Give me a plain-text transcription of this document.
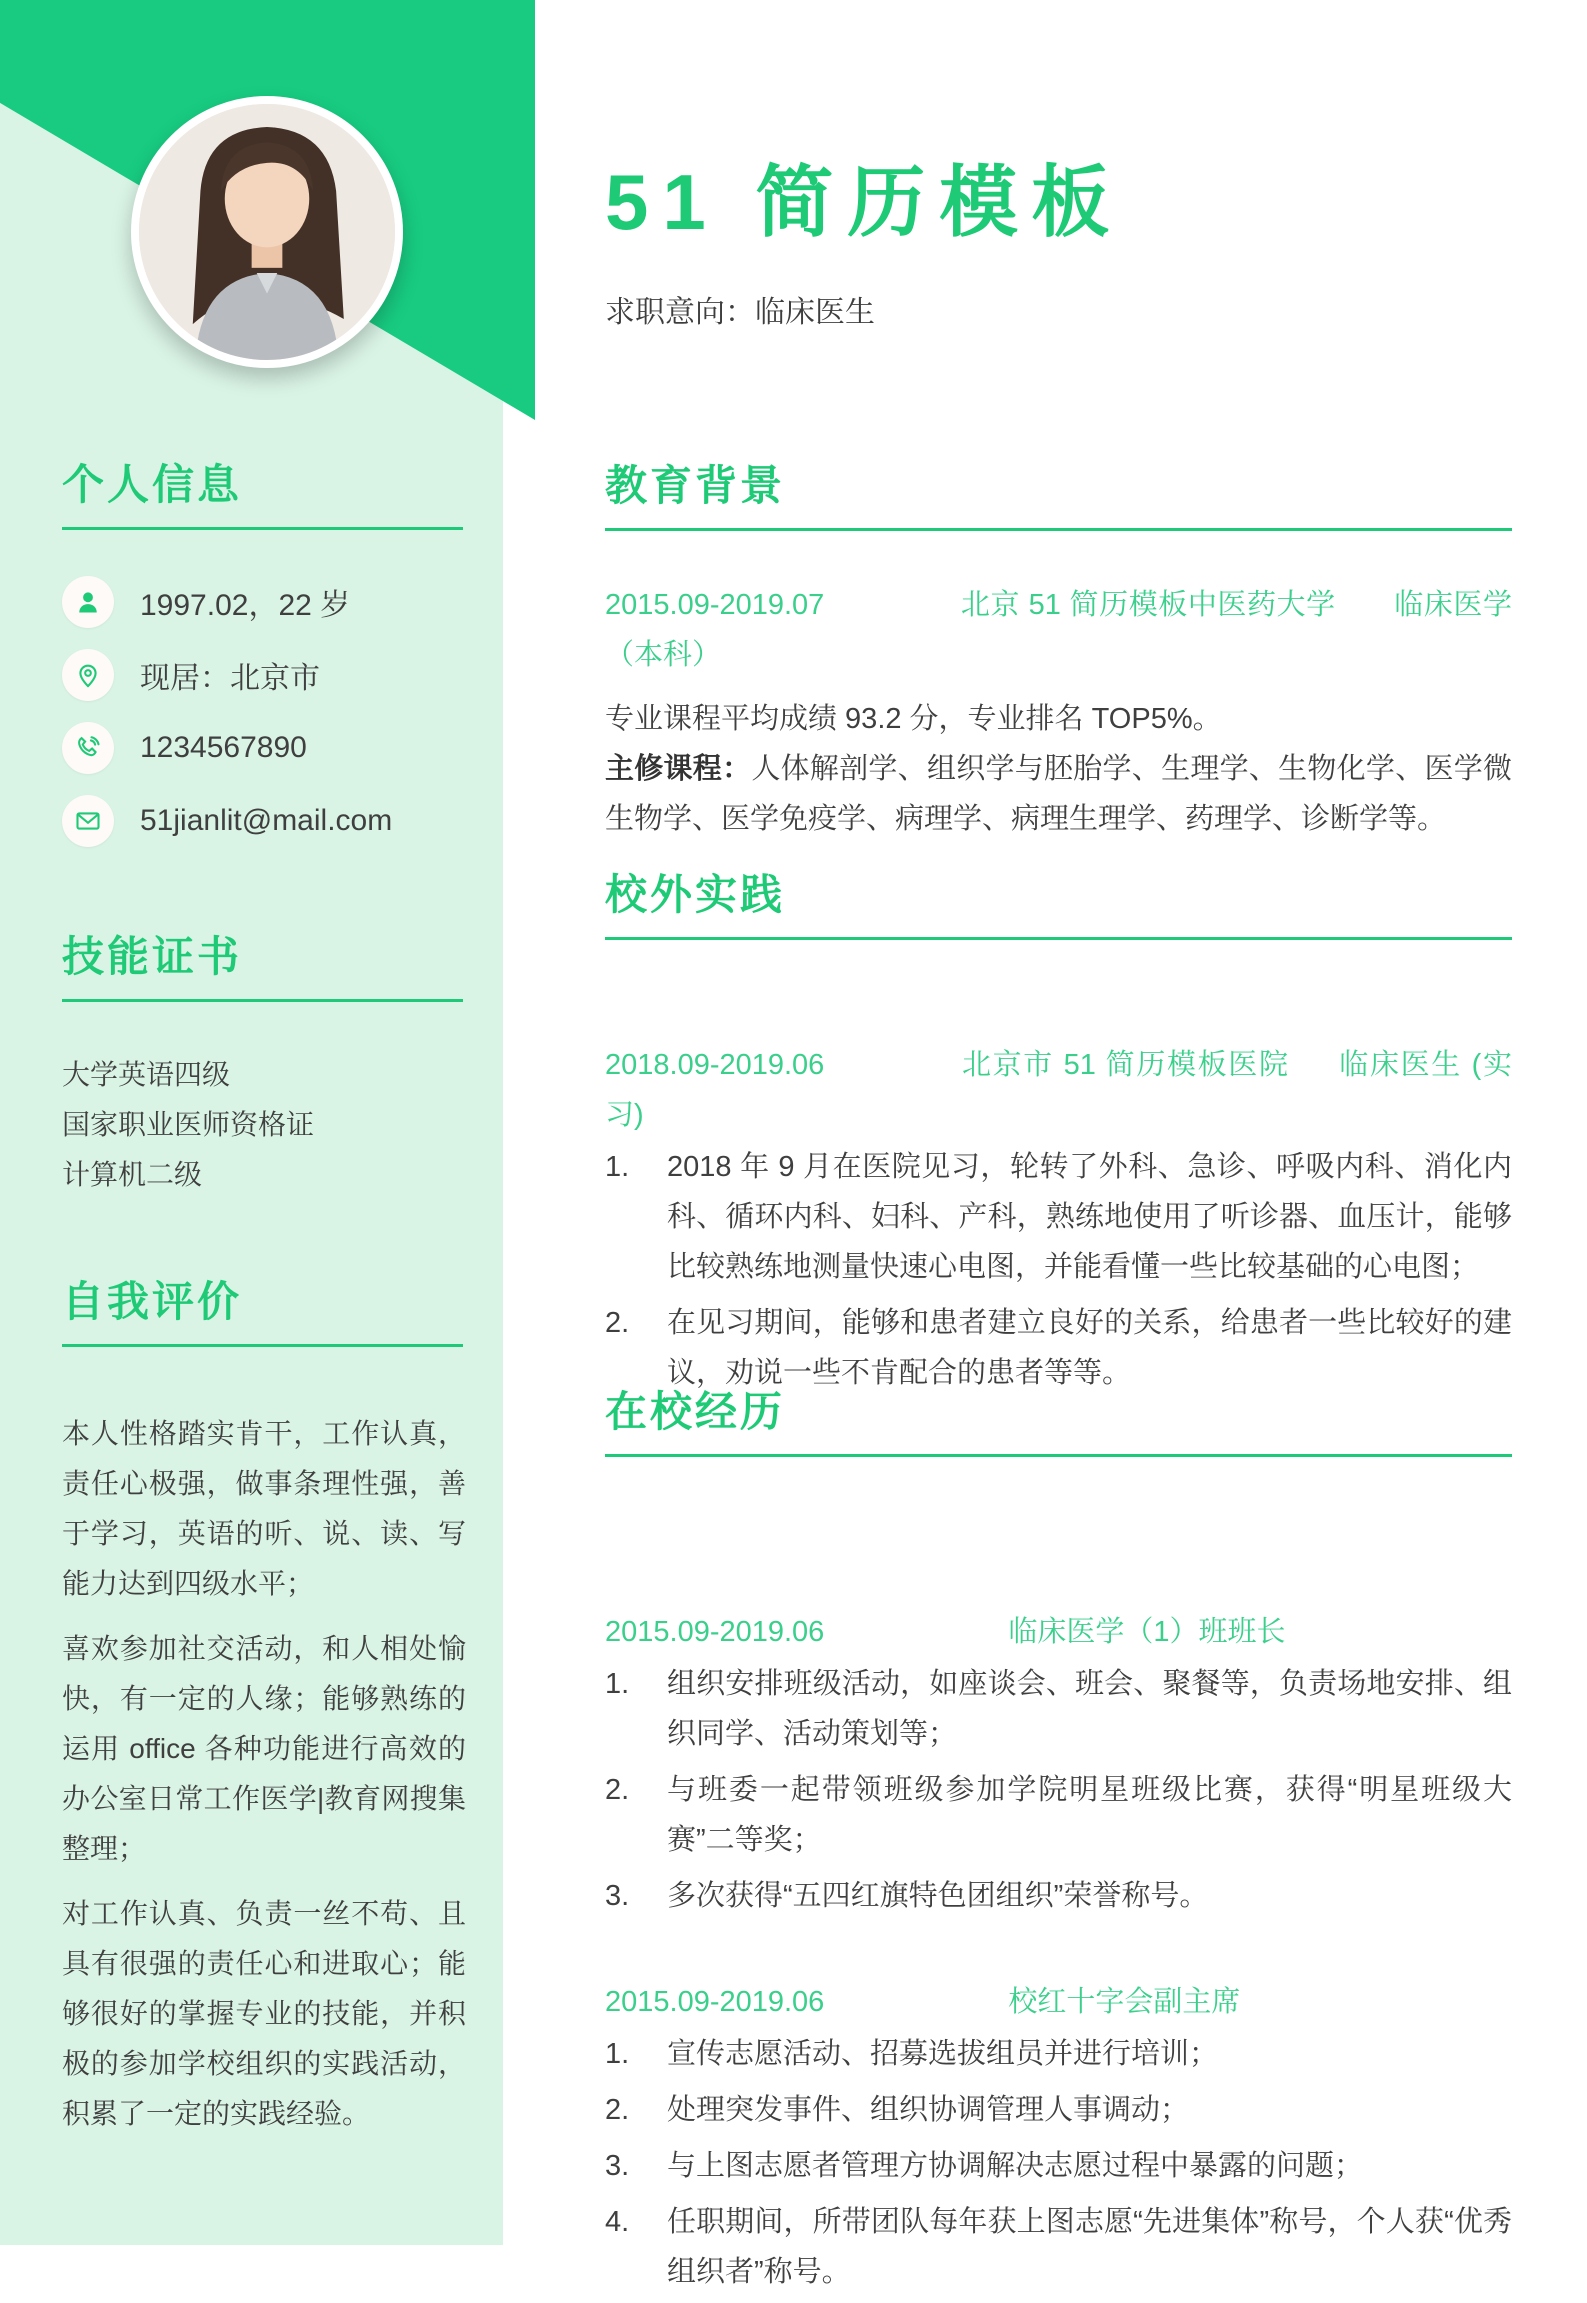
个人信息
1997.02，22 岁
现居：北京市
1234567890
51jianlit@mail.com
技能证书
大学英语四级
国家职业医师资格证
计算机二级
自我评价

本人性格踏实肯干，工作认真，责任心极强，做事条理性强，善于学习，英语的听、说、读、写能力达到四级水平；

喜欢参加社交活动，和人相处愉快，有一定的人缘；能够熟练的运用 office 各种功能进行高效的办公室日常工作医学|教育网搜集整理；

对工作认真、负责一丝不苟、且具有很强的责任心和进取心；能够很好的掌握专业的技能，并积极的参加学校组织的实践活动，积累了一定的实践经验。

51 简历模板

求职意向：临床医生

教育背景

2015.09-2019.07	北京 51 简历模板中医药大学 临床医学（本科）

专业课程平均成绩 93.2 分，专业排名 TOP5%。

主修课程：人体解剖学、组织学与胚胎学、生理学、生物化学、医学微生物学、医学免疫学、病理学、病理生理学、药理学、诊断学等。

校外实践

2018.09-2019.06	北京市 51 简历模板医院 临床医生 (实习)

2018 年 9 月在医院见习，轮转了外科、急诊、呼吸内科、消化内科、循环内科、妇科、产科，熟练地使用了听诊器、血压计，能够比较熟练地测量快速心电图，并能看懂一些比较基础的心电图；
在见习期间，能够和患者建立良好的关系，给患者一些比较好的建议，劝说一些不肯配合的患者等等。
在校经历

2015.09-2019.06	临床医学（1）班班长

组织安排班级活动，如座谈会、班会、聚餐等，负责场地安排、组织同学、活动策划等；
与班委一起带领班级参加学院明星班级比赛，获得“明星班级大赛”二等奖；
多次获得“五四红旗特色团组织”荣誉称号。

2015.09-2019.06	校红十字会副主席

宣传志愿活动、招募选拔组员并进行培训；
处理突发事件、组织协调管理人事调动；
与上图志愿者管理方协调解决志愿过程中暴露的问题；
任职期间，所带团队每年获上图志愿“先进集体”称号，个人获“优秀组织者”称号。
